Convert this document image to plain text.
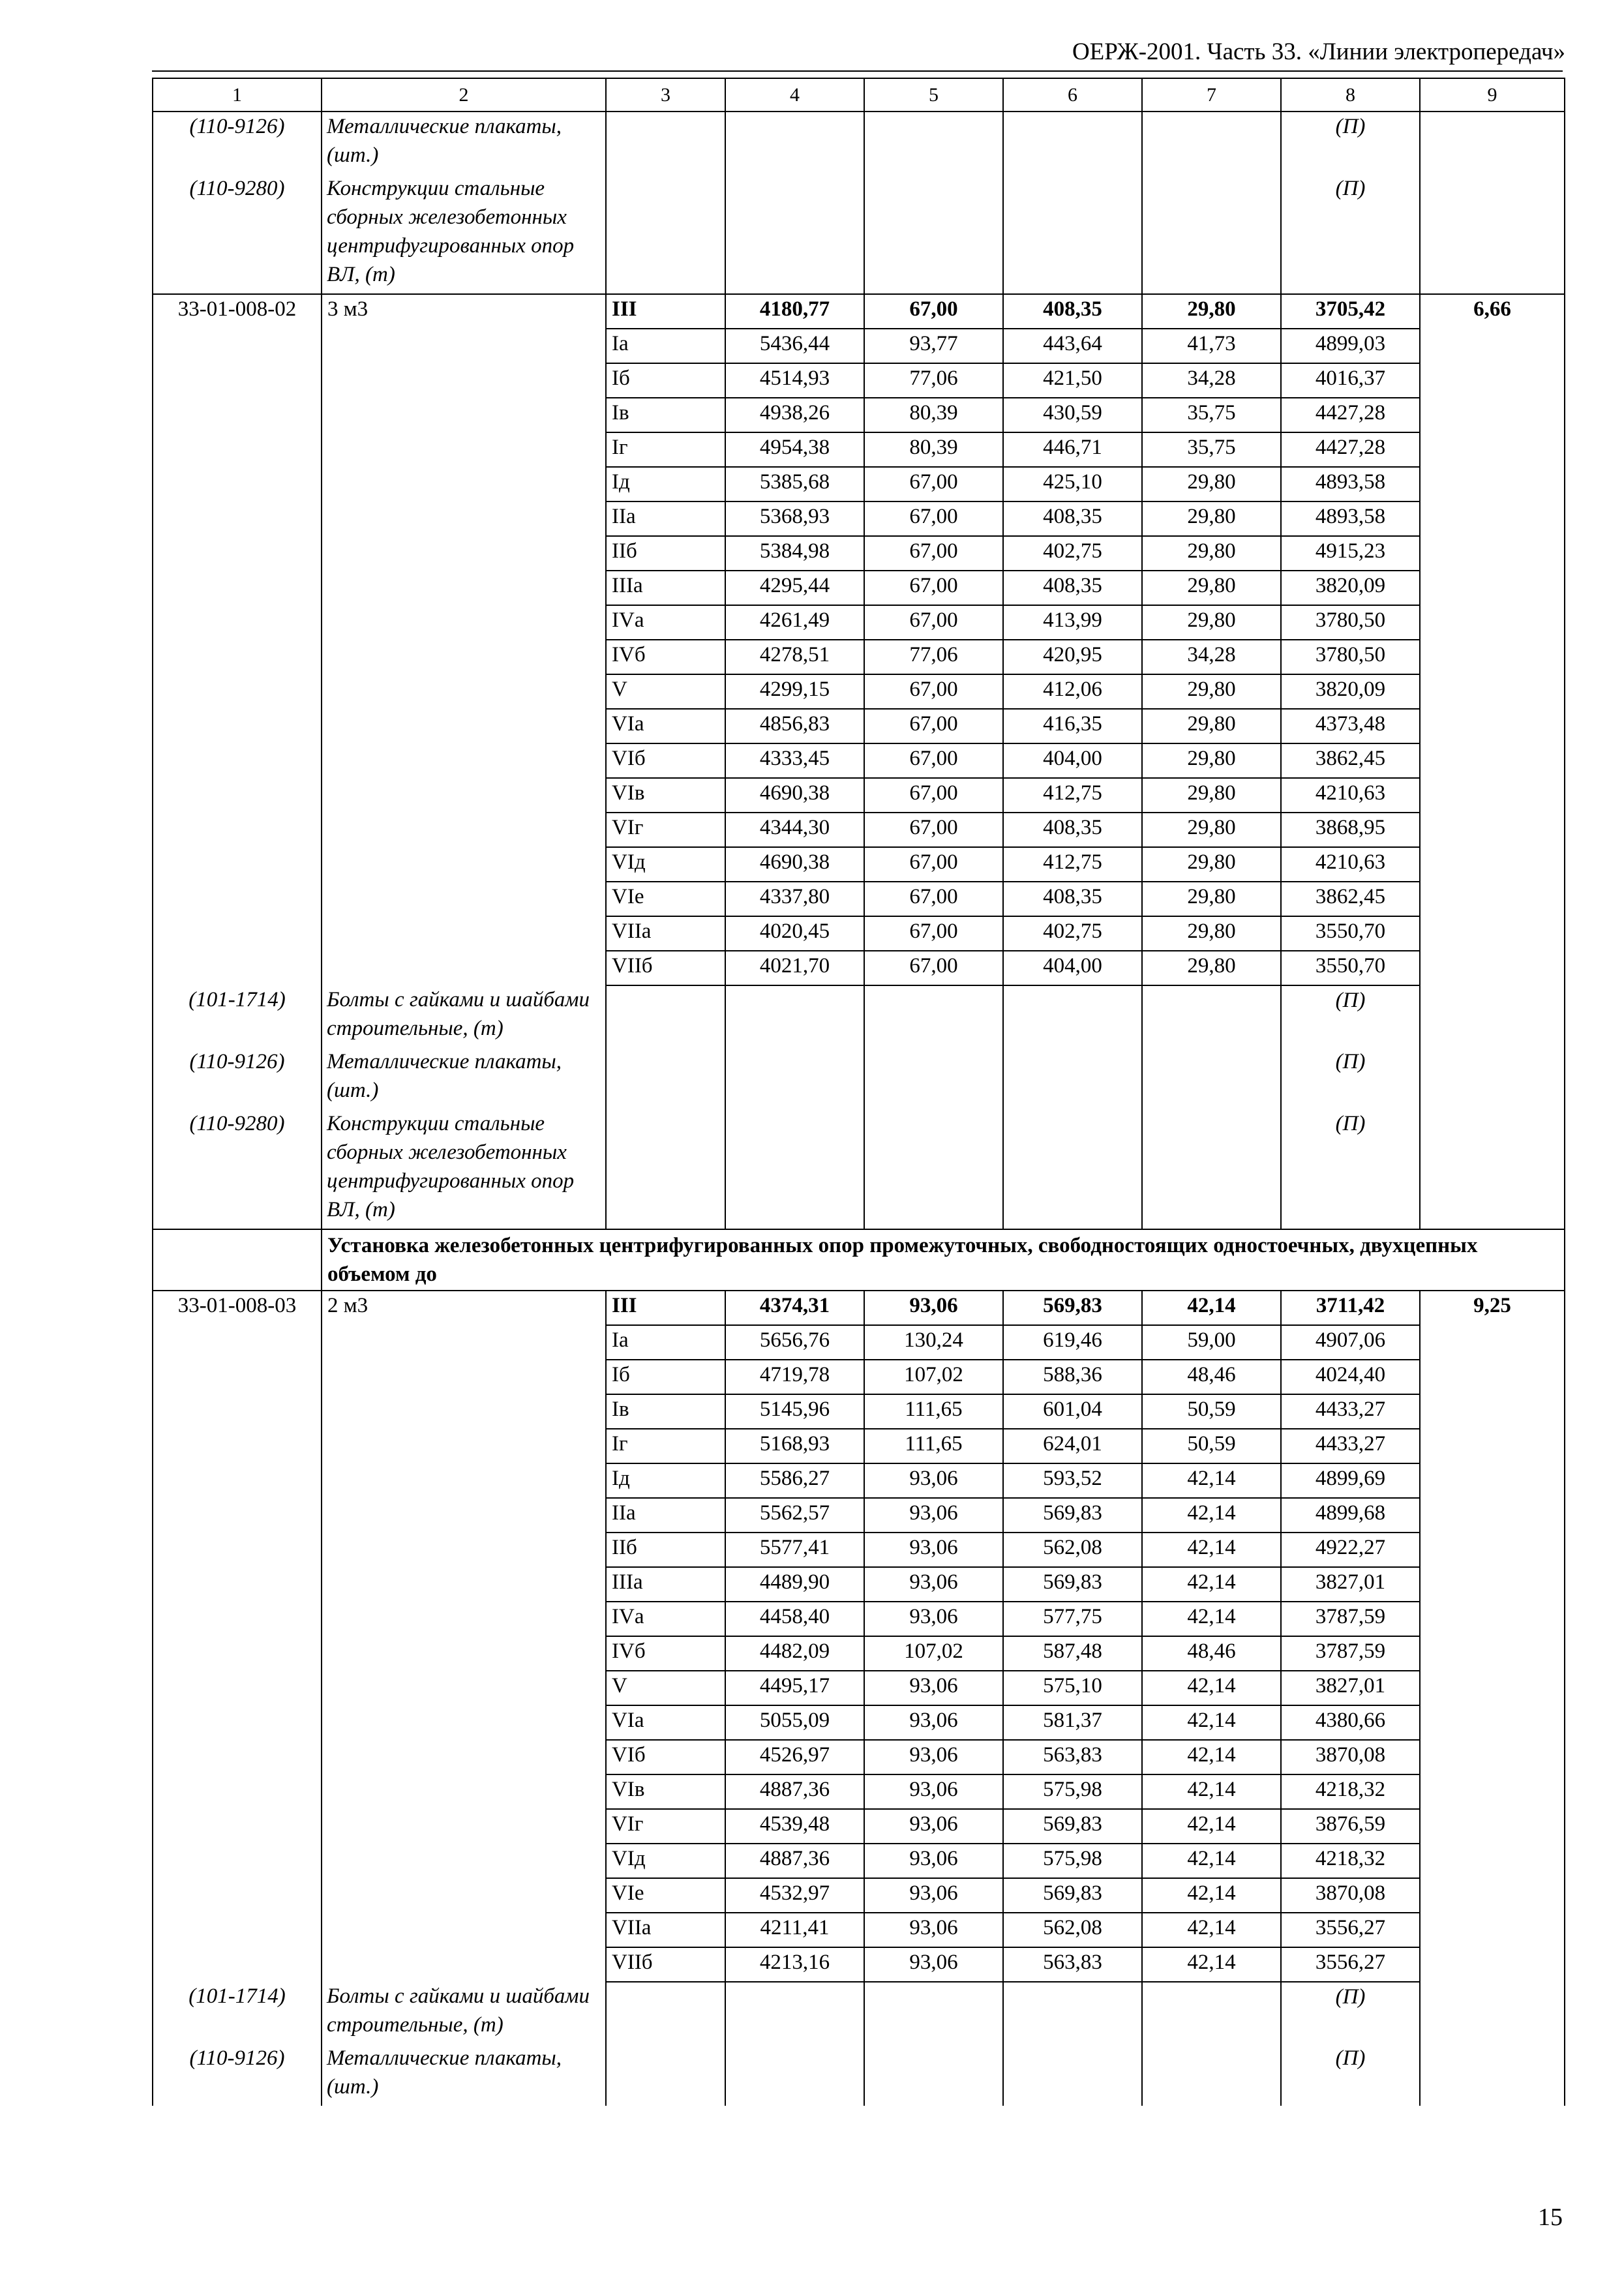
ОЕРЖ-2001. Часть 33. «Линии электропередач»
1	2	3	4	5	6	7	8	9
(110-9126)	Металлические плакаты, (шт.)						(П)	
(110-9280)	Конструкции стальные сборных железобетонных центрифугированных опор ВЛ, (т)						(П)	
33-01-008-02	3 м3	III	4180,77	67,00	408,35	29,80	3705,42	6,66
		Iа	5436,44	93,77	443,64	41,73	4899,03	
		Iб	4514,93	77,06	421,50	34,28	4016,37	
		Iв	4938,26	80,39	430,59	35,75	4427,28	
		Iг	4954,38	80,39	446,71	35,75	4427,28	
		Iд	5385,68	67,00	425,10	29,80	4893,58	
		IIа	5368,93	67,00	408,35	29,80	4893,58	
		IIб	5384,98	67,00	402,75	29,80	4915,23	
		IIIа	4295,44	67,00	408,35	29,80	3820,09	
		IVа	4261,49	67,00	413,99	29,80	3780,50	
		IVб	4278,51	77,06	420,95	34,28	3780,50	
		V	4299,15	67,00	412,06	29,80	3820,09	
		VIа	4856,83	67,00	416,35	29,80	4373,48	
		VIб	4333,45	67,00	404,00	29,80	3862,45	
		VIв	4690,38	67,00	412,75	29,80	4210,63	
		VIг	4344,30	67,00	408,35	29,80	3868,95	
		VIд	4690,38	67,00	412,75	29,80	4210,63	
		VIе	4337,80	67,00	408,35	29,80	3862,45	
		VIIа	4020,45	67,00	402,75	29,80	3550,70	
		VIIб	4021,70	67,00	404,00	29,80	3550,70	
(101-1714)	Болты с гайками и шайбами строительные, (т)						(П)	
(110-9126)	Металлические плакаты, (шт.)						(П)	
(110-9280)	Конструкции стальные сборных железобетонных центрифугированных опор ВЛ, (т)						(П)	
	Установка железобетонных центрифугированных опор промежуточных, свободностоящих одностоечных, двухцепных объемом до							
33-01-008-03	2 м3	III	4374,31	93,06	569,83	42,14	3711,42	9,25
		Iа	5656,76	130,24	619,46	59,00	4907,06	
		Iб	4719,78	107,02	588,36	48,46	4024,40	
		Iв	5145,96	111,65	601,04	50,59	4433,27	
		Iг	5168,93	111,65	624,01	50,59	4433,27	
		Iд	5586,27	93,06	593,52	42,14	4899,69	
		IIа	5562,57	93,06	569,83	42,14	4899,68	
		IIб	5577,41	93,06	562,08	42,14	4922,27	
		IIIа	4489,90	93,06	569,83	42,14	3827,01	
		IVа	4458,40	93,06	577,75	42,14	3787,59	
		IVб	4482,09	107,02	587,48	48,46	3787,59	
		V	4495,17	93,06	575,10	42,14	3827,01	
		VIа	5055,09	93,06	581,37	42,14	4380,66	
		VIб	4526,97	93,06	563,83	42,14	3870,08	
		VIв	4887,36	93,06	575,98	42,14	4218,32	
		VIг	4539,48	93,06	569,83	42,14	3876,59	
		VIд	4887,36	93,06	575,98	42,14	4218,32	
		VIе	4532,97	93,06	569,83	42,14	3870,08	
		VIIа	4211,41	93,06	562,08	42,14	3556,27	
		VIIб	4213,16	93,06	563,83	42,14	3556,27	
(101-1714)	Болты с гайками и шайбами строительные, (т)						(П)	
(110-9126)	Металлические плакаты, (шт.)						(П)	
15
